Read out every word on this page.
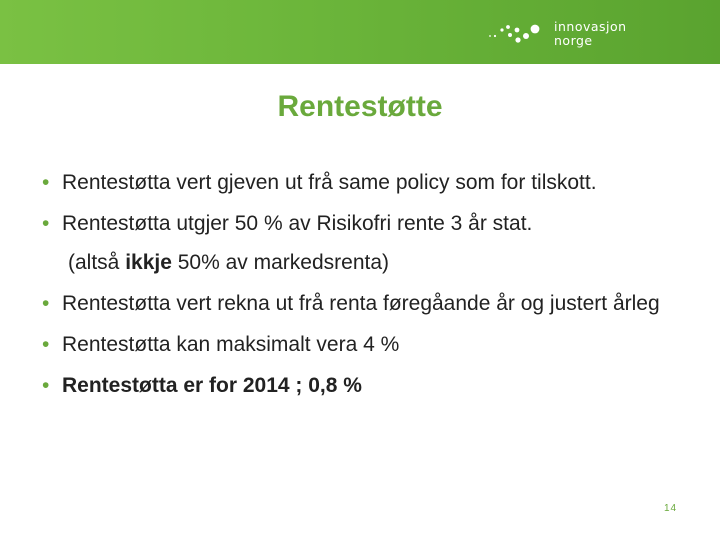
innovasjon
norge
Rentestøtte
• Rentestøtta vert gjeven ut frå same policy som for tilskott.
• Rentestøtta utgjer 50 % av Risikofri rente 3 år stat.
(altså ikkje 50% av markedsrenta)
• Rentestøtta vert rekna ut frå renta føregåande år og justert årleg
• Rentestøtta kan maksimalt vera 4 %
• Rentestøtta er for 2014 ; 0,8 %
14
